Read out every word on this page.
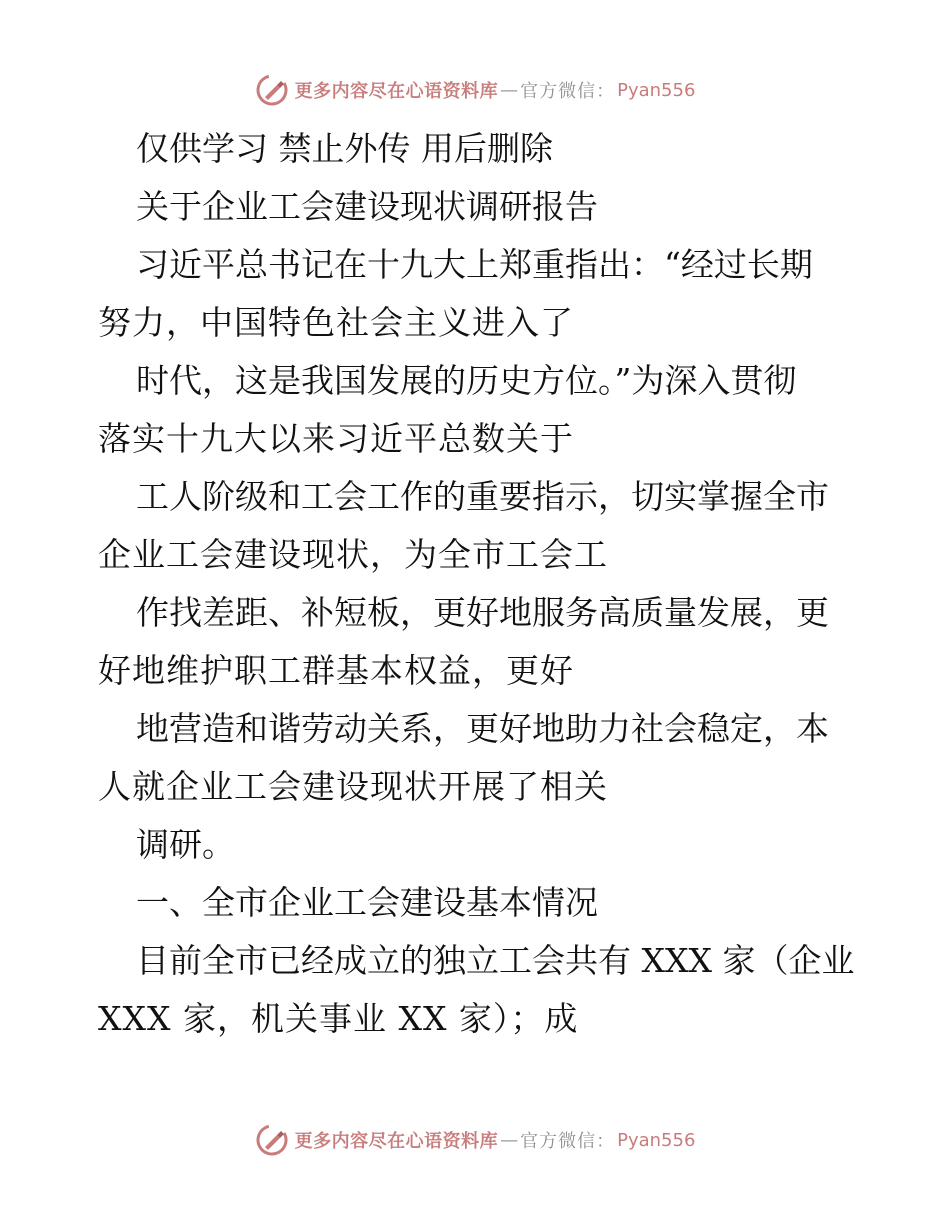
更多内容尽在心语资料库 — 官方微信： Pyan556
仅供学习 禁止外传 用后删除
关于企业工会建设现状调研报告
习近平总书记在十九大上郑重指出：“经过长期
努力，中国特色社会主义进入了
时代，这是我国发展的历史方位。”为深入贯彻
落实十九大以来习近平总数关于
工人阶级和工会工作的重要指示，切实掌握全市
企业工会建设现状，为全市工会工
作找差距、补短板，更好地服务高质量发展，更
好地维护职工群基本权益，更好
地营造和谐劳动关系，更好地助力社会稳定，本
人就企业工会建设现状开展了相关
调研。
一、全市企业工会建设基本情况
目前全市已经成立的独立工会共有 XXX 家（企业
XXX 家，机关事业 XX 家）；成
更多内容尽在心语资料库 — 官方微信： Pyan556
